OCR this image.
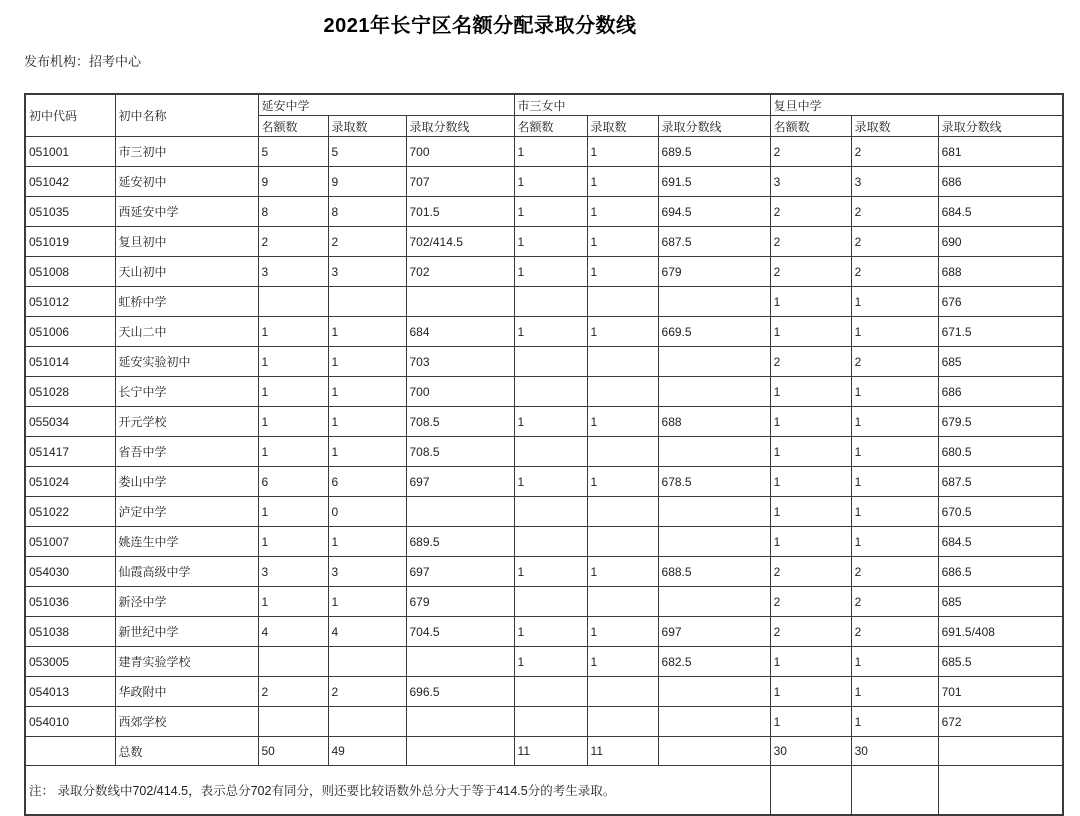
2021年长宁区名额分配录取分数线
发布机构：招考中心
初中代码	初中名称	延安中学			市三女中			复旦中学		
		名额数	录取数	录取分数线	名额数	录取数	录取分数线	名额数	录取数	录取分数线
051001	市三初中	5	5	700	1	1	689.5	2	2	681
051042	延安初中	9	9	707	1	1	691.5	3	3	686
051035	西延安中学	8	8	701.5	1	1	694.5	2	2	684.5
051019	复旦初中	2	2	702/414.5	1	1	687.5	2	2	690
051008	天山初中	3	3	702	1	1	679	2	2	688
051012	虹桥中学							1	1	676
051006	天山二中	1	1	684	1	1	669.5	1	1	671.5
051014	延安实验初中	1	1	703				2	2	685
051028	长宁中学	1	1	700				1	1	686
055034	开元学校	1	1	708.5	1	1	688	1	1	679.5
051417	省吾中学	1	1	708.5				1	1	680.5
051024	娄山中学	6	6	697	1	1	678.5	1	1	687.5
051022	泸定中学	1	0					1	1	670.5
051007	姚连生中学	1	1	689.5				1	1	684.5
054030	仙霞高级中学	3	3	697	1	1	688.5	2	2	686.5
051036	新泾中学	1	1	679				2	2	685
051038	新世纪中学	4	4	704.5	1	1	697	2	2	691.5/408
053005	建青实验学校				1	1	682.5	1	1	685.5
054013	华政附中	2	2	696.5				1	1	701
054010	西郊学校							1	1	672
	总数	50	49		11	11		30	30	
注： 录取分数线中702/414.5，表示总分702有同分，则还要比较语数外总分大于等于414.5分的考生录取。										
